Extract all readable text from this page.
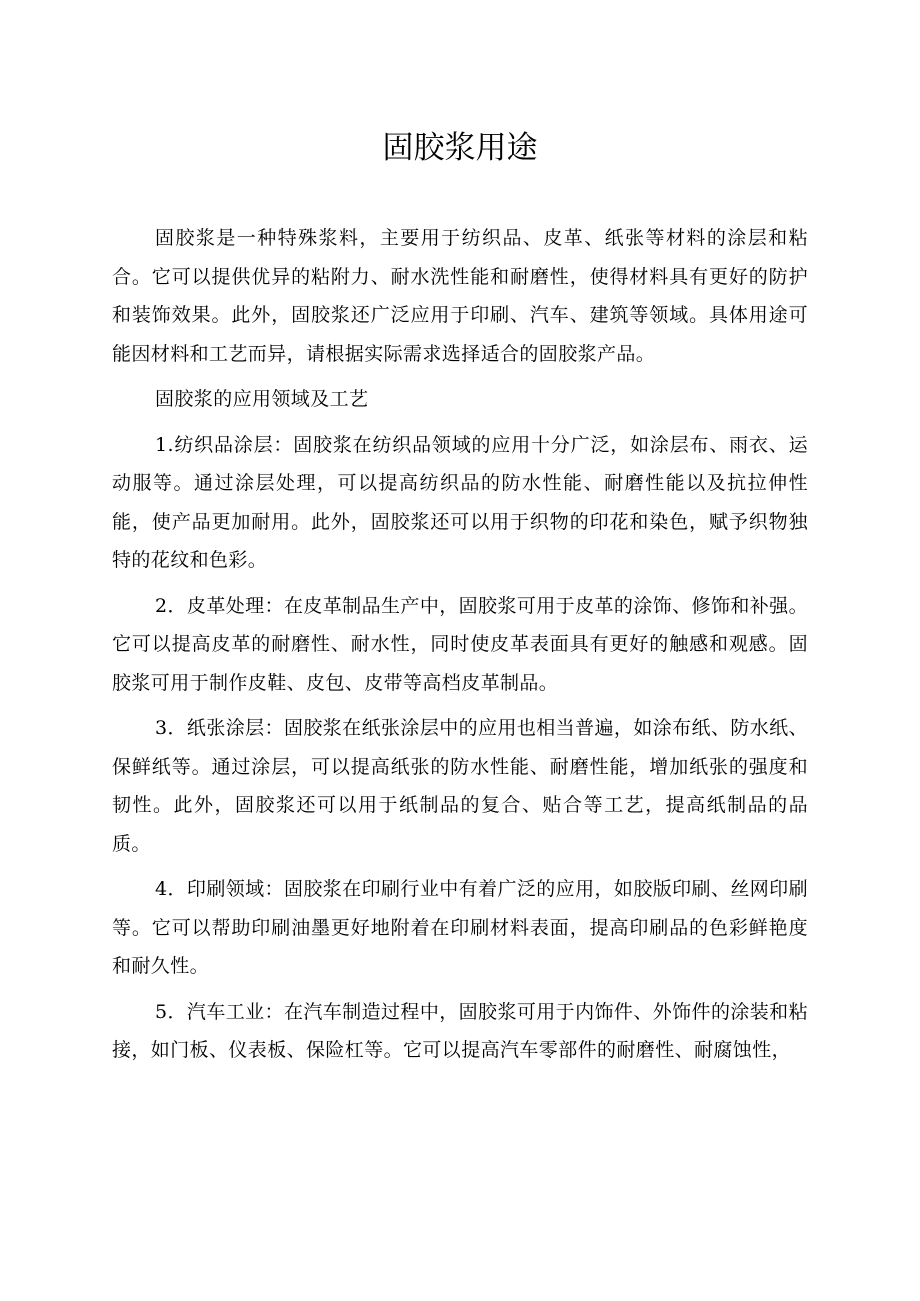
固胶浆用途

固胶浆是一种特殊浆料，主要用于纺织品、皮革、纸张等材料的涂层和粘合。它可以提供优异的粘附力、耐水洗性能和耐磨性，使得材料具有更好的防护和装饰效果。此外，固胶浆还广泛应用于印刷、汽车、建筑等领域。具体用途可能因材料和工艺而异，请根据实际需求选择适合的固胶浆产品。

固胶浆的应用领域及工艺

1.纺织品涂层：固胶浆在纺织品领域的应用十分广泛，如涂层布、雨衣、运动服等。通过涂层处理，可以提高纺织品的防水性能、耐磨性能以及抗拉伸性能，使产品更加耐用。此外，固胶浆还可以用于织物的印花和染色，赋予织物独特的花纹和色彩。

2．皮革处理：在皮革制品生产中，固胶浆可用于皮革的涂饰、修饰和补强。它可以提高皮革的耐磨性、耐水性，同时使皮革表面具有更好的触感和观感。固胶浆可用于制作皮鞋、皮包、皮带等高档皮革制品。

3．纸张涂层：固胶浆在纸张涂层中的应用也相当普遍，如涂布纸、防水纸、保鲜纸等。通过涂层，可以提高纸张的防水性能、耐磨性能，增加纸张的强度和韧性。此外，固胶浆还可以用于纸制品的复合、贴合等工艺，提高纸制品的品质。

4．印刷领域：固胶浆在印刷行业中有着广泛的应用，如胶版印刷、丝网印刷等。它可以帮助印刷油墨更好地附着在印刷材料表面，提高印刷品的色彩鲜艳度和耐久性。

5．汽车工业：在汽车制造过程中，固胶浆可用于内饰件、外饰件的涂装和粘接，如门板、仪表板、保险杠等。它可以提高汽车零部件的耐磨性、耐腐蚀性，
